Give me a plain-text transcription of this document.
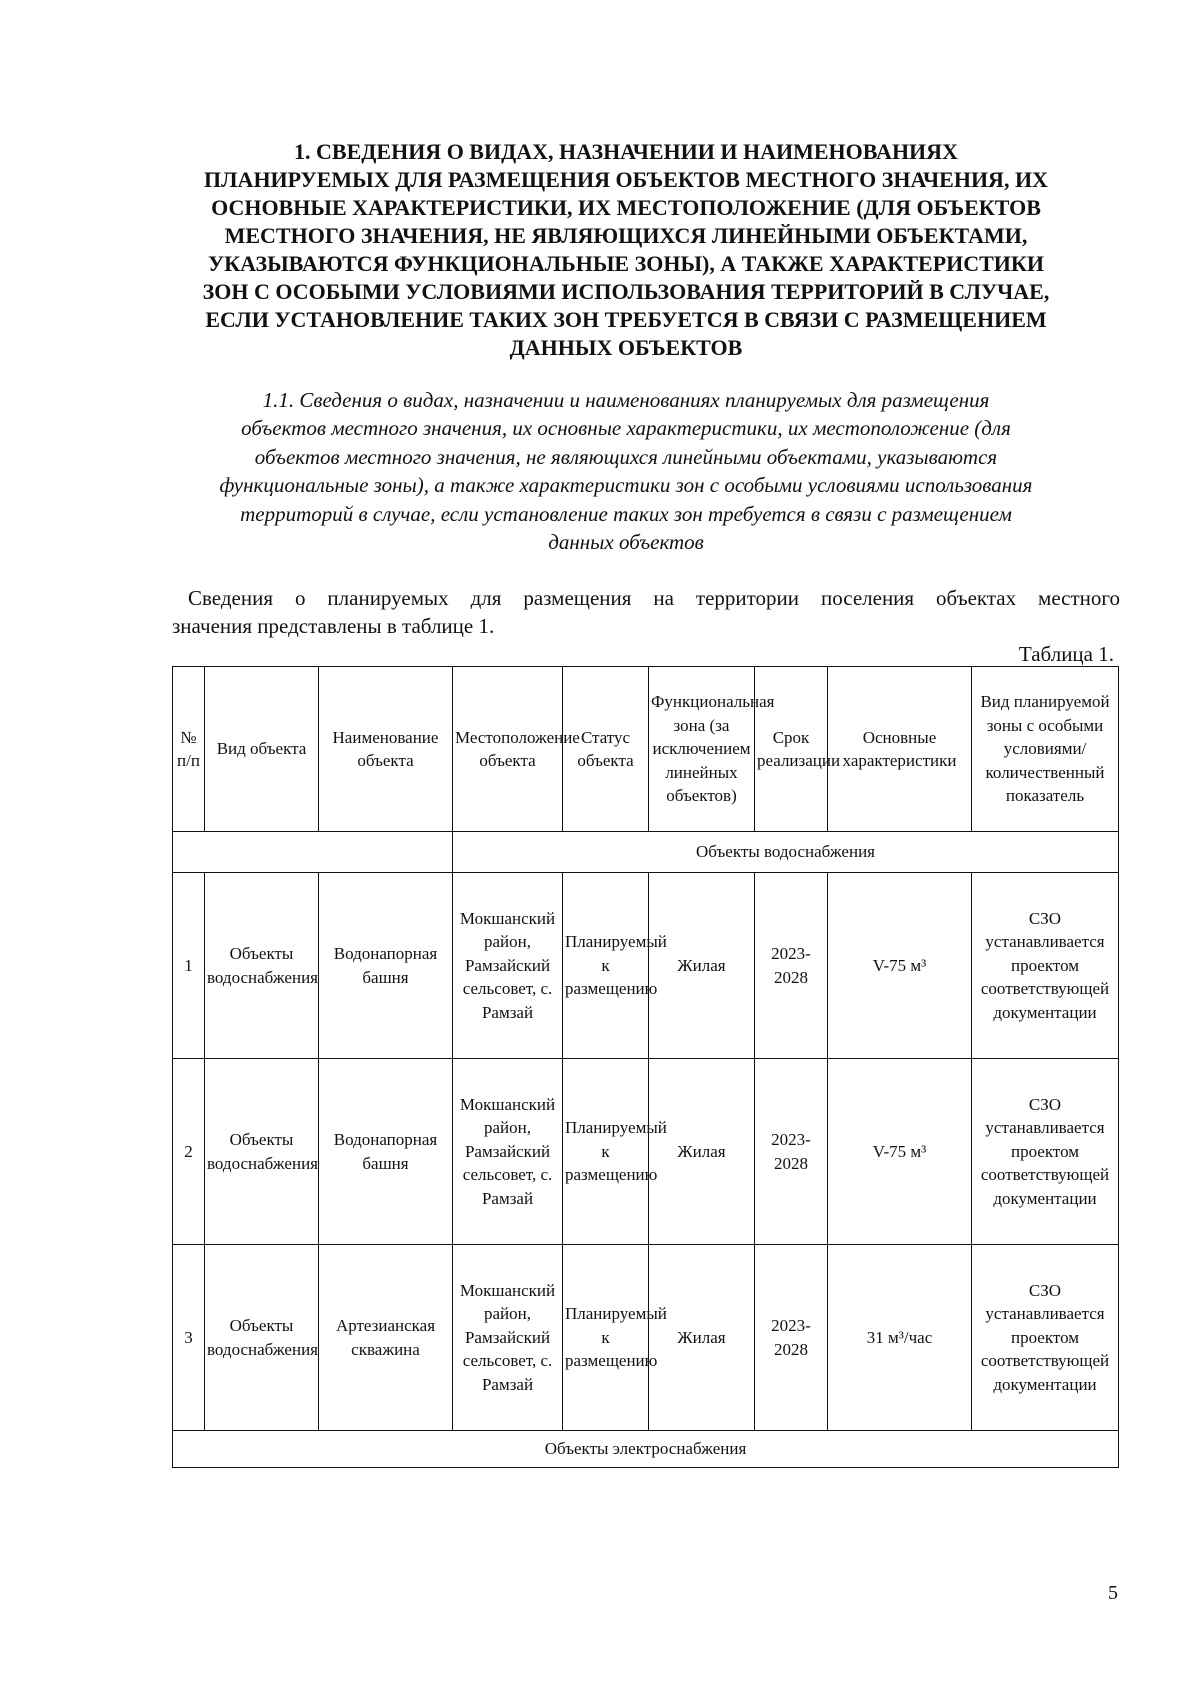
1. СВЕДЕНИЯ О ВИДАХ, НАЗНАЧЕНИИ И НАИМЕНОВАНИЯХ
ПЛАНИРУЕМЫХ ДЛЯ РАЗМЕЩЕНИЯ ОБЪЕКТОВ МЕСТНОГО ЗНАЧЕНИЯ, ИХ
ОСНОВНЫЕ ХАРАКТЕРИСТИКИ, ИХ МЕСТОПОЛОЖЕНИЕ (ДЛЯ ОБЪЕКТОВ
МЕСТНОГО ЗНАЧЕНИЯ, НЕ ЯВЛЯЮЩИХСЯ ЛИНЕЙНЫМИ ОБЪЕКТАМИ,
УКАЗЫВАЮТСЯ ФУНКЦИОНАЛЬНЫЕ ЗОНЫ), А ТАКЖЕ ХАРАКТЕРИСТИКИ
ЗОН С ОСОБЫМИ УСЛОВИЯМИ ИСПОЛЬЗОВАНИЯ ТЕРРИТОРИЙ В СЛУЧАЕ,
ЕСЛИ УСТАНОВЛЕНИЕ ТАКИХ ЗОН ТРЕБУЕТСЯ В СВЯЗИ С РАЗМЕЩЕНИЕМ
ДАННЫХ ОБЪЕКТОВ

1.1. Сведения о видах, назначении и наименованиях планируемых для размещения
объектов местного значения, их основные характеристики, их местоположение (для
объектов местного значения, не являющихся линейными объектами, указываются
функциональные зоны), а также характеристики зон с особыми условиями использования
территорий в случае, если установление таких зон требуется в связи с размещением
данных объектов

Сведения о планируемых для размещения на территории поселения объектах местного
значения представлены в таблице 1.

Таблица 1.

№ п/п	Вид объекта	Наименование объекта	Местоположение объекта	Статус объекта	Функциональная зона (за исключением линейных объектов)	Срок реализации	Основные характеристики	Вид планируемой зоны с особыми условиями/ количественный показатель
			Объекты водоснабжения					
1	Объекты водоснабжения	Водонапорная башня	Мокшанский район, Рамзайский сельсовет, с. Рамзай	Планируемый к размещению	Жилая	2023-2028	V-75 м³	СЗО устанавливается проектом соответствующей документации
2	Объекты водоснабжения	Водонапорная башня	Мокшанский район, Рамзайский сельсовет, с. Рамзай	Планируемый к размещению	Жилая	2023-2028	V-75 м³	СЗО устанавливается проектом соответствующей документации
3	Объекты водоснабжения	Артезианская скважина	Мокшанский район, Рамзайский сельсовет, с. Рамзай	Планируемый к размещению	Жилая	2023-2028	31 м³/час	СЗО устанавливается проектом соответствующей документации
Объекты электроснабжения								
5
